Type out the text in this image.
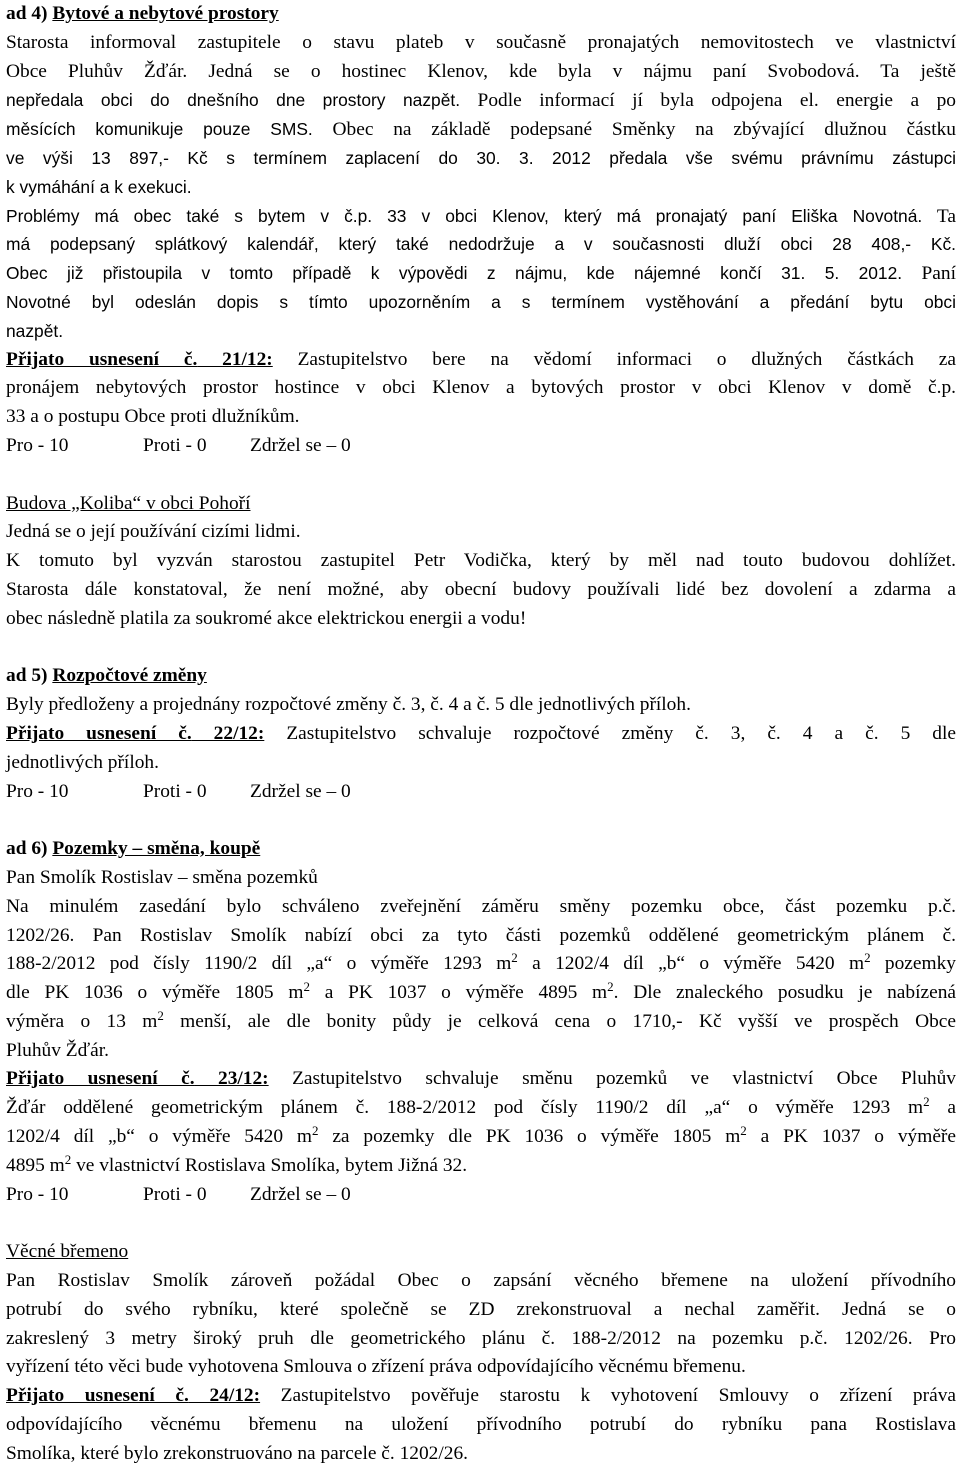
ad 4) Bytové a nebytové prostory
Starosta informoval zastupitele o stavu plateb v současně pronajatých nemovitostech ve vlastnictví
Obce Pluhův Žďár. Jedná se o hostinec Klenov, kde byla v nájmu paní Svobodová. Ta ještě
nepředala obci do dnešního dne prostory nazpět. Podle informací jí byla odpojena el. energie a po
měsících komunikuje pouze SMS. Obec na základě podepsané Směnky na zbývající dlužnou částku
ve výši 13 897,- Kč s termínem zaplacení do 30. 3. 2012 předala vše svému právnímu zástupci
k vymáhání a k exekuci.
Problémy má obec také s bytem v č.p. 33 v obci Klenov, který má pronajatý paní Eliška Novotná. Ta
má podepsaný splátkový kalendář, který také nedodržuje a v současnosti dluží obci 28 408,- Kč.
Obec již přistoupila v tomto případě k výpovědi z nájmu, kde nájemné končí 31. 5. 2012. Paní
Novotné byl odeslán dopis s tímto upozorněním a s termínem vystěhování a předání bytu obci
nazpět.
Přijato usnesení č. 21/12: Zastupitelstvo bere na vědomí informaci o dlužných částkách za
pronájem nebytových prostor hostince v obci Klenov a bytových prostor v obci Klenov v domě č.p.
33 a o postupu Obce proti dlužníkům.
Pro - 10	Proti - 0 Zdržel se – 0
Budova „Koliba“ v obci Pohoří
Jedná se o její používání cizími lidmi.
K tomuto byl vyzván starostou zastupitel Petr Vodička, který by měl nad touto budovou dohlížet.
Starosta dále konstatoval, že není možné, aby obecní budovy používali lidé bez dovolení a zdarma a
obec následně platila za soukromé akce elektrickou energii a vodu!
ad 5) Rozpočtové změny
Byly předloženy a projednány rozpočtové změny č. 3, č. 4 a č. 5 dle jednotlivých příloh.
Přijato usnesení č. 22/12: Zastupitelstvo schvaluje rozpočtové změny č. 3, č. 4 a č. 5 dle
jednotlivých příloh.
Pro - 10	Proti - 0 Zdržel se – 0
ad 6) Pozemky – směna, koupě
Pan Smolík Rostislav – směna pozemků
Na minulém zasedání bylo schváleno zveřejnění záměru směny pozemku obce, část pozemku p.č.
1202/26. Pan Rostislav Smolík nabízí obci za tyto části pozemků oddělené geometrickým plánem č.
188-2/2012 pod čísly 1190/2 díl „a“ o výměře 1293 $m^2$ a 1202/4 díl „b“ o výměře 5420 $m^2$ pozemky
dle PK 1036 o výměře 1805 $m^2$ a PK 1037 o výměře 4895 $m^2$. Dle znaleckého posudku je nabízená
výměra o 13 $m^2$ menší, ale dle bonity půdy je celková cena o 1710,- Kč vyšší ve prospěch Obce
Pluhův Žďár.
Přijato usnesení č. 23/12: Zastupitelstvo schvaluje směnu pozemků ve vlastnictví Obce Pluhův
Žďár oddělené geometrickým plánem č. 188-2/2012 pod čísly 1190/2 díl „a“ o výměře 1293 $m^2$ a
1202/4 díl „b“ o výměře 5420 $m^2$ za pozemky dle PK 1036 o výměře 1805 $m^2$ a PK 1037 o výměře
4895 $m^2$ ve vlastnictví Rostislava Smolíka, bytem Jižná 32.
Pro - 10	Proti - 0 Zdržel se – 0
Věcné břemeno
Pan Rostislav Smolík zároveň požádal Obec o zapsání věcného břemene na uložení přívodního
potrubí do svého rybníku, které společně se ZD zrekonstruoval a nechal zaměřit. Jedná se o
zakreslený 3 metry široký pruh dle geometrického plánu č. 188-2/2012 na pozemku p.č. 1202/26. Pro
vyřízení této věci bude vyhotovena Smlouva o zřízení práva odpovídajícího věcnému břemenu.
Přijato usnesení č. 24/12: Zastupitelstvo pověřuje starostu k vyhotovení Smlouvy o zřízení práva
odpovídajícího věcnému břemenu na uložení přívodního potrubí do rybníku pana Rostislava
Smolíka, které bylo zrekonstruováno na parcele č. 1202/26.
